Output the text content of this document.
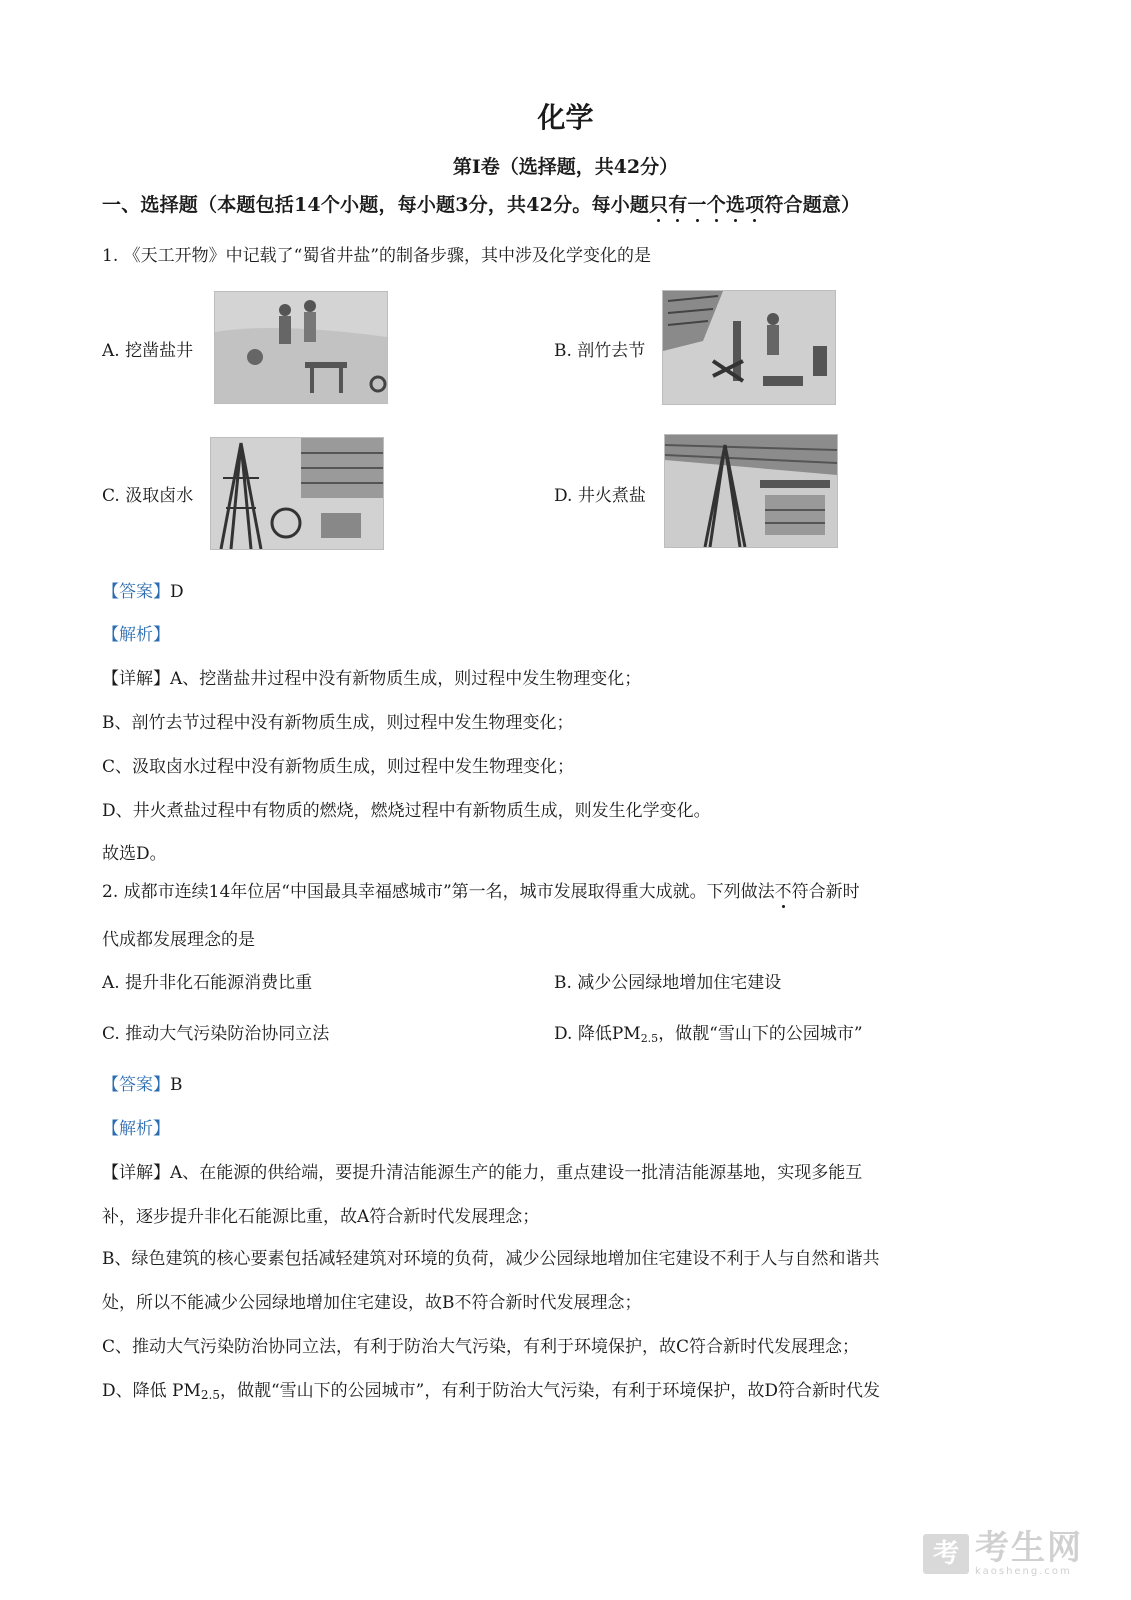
化学
第Ⅰ卷（选择题，共42分）
一、选择题（本题包括14个小题，每小题3分，共42分。每小题只有一个选项符合题意）
1. 《天工开物》中记载了“蜀省井盐”的制备步骤，其中涉及化学变化的是
A. 挖凿盐井	B. 剖竹去节
C. 汲取卤水	D. 井火煮盐
【答案】D
【解析】
【详解】A、挖凿盐井过程中没有新物质生成，则过程中发生物理变化；
B、剖竹去节过程中没有新物质生成，则过程中发生物理变化；
C、汲取卤水过程中没有新物质生成，则过程中发生物理变化；
D、井火煮盐过程中有物质的燃烧，燃烧过程中有新物质生成，则发生化学变化。
故选D。
2. 成都市连续14年位居“中国最具幸福感城市”第一名，城市发展取得重大成就。下列做法不符合新时
代成都发展理念的是
A. 提升非化石能源消费比重	B. 减少公园绿地增加住宅建设
C. 推动大气污染防治协同立法	D. 降低$PM_{2.5}$，做靓“雪山下的公园城市”
【答案】B
【解析】
【详解】A、在能源的供给端，要提升清洁能源生产的能力，重点建设一批清洁能源基地，实现多能互
补，逐步提升非化石能源比重，故A符合新时代发展理念；
B、绿色建筑的核心要素包括减轻建筑对环境的负荷，减少公园绿地增加住宅建设不利于人与自然和谐共
处，所以不能减少公园绿地增加住宅建设，故B不符合新时代发展理念；
C、推动大气污染防治协同立法，有利于防治大气污染，有利于环境保护，故C符合新时代发展理念；
D、降低 PM2.5，做靓“雪山下的公园城市”，有利于防治大气污染，有利于环境保护，故D符合新时代发
考 考生网
kaosheng.com
